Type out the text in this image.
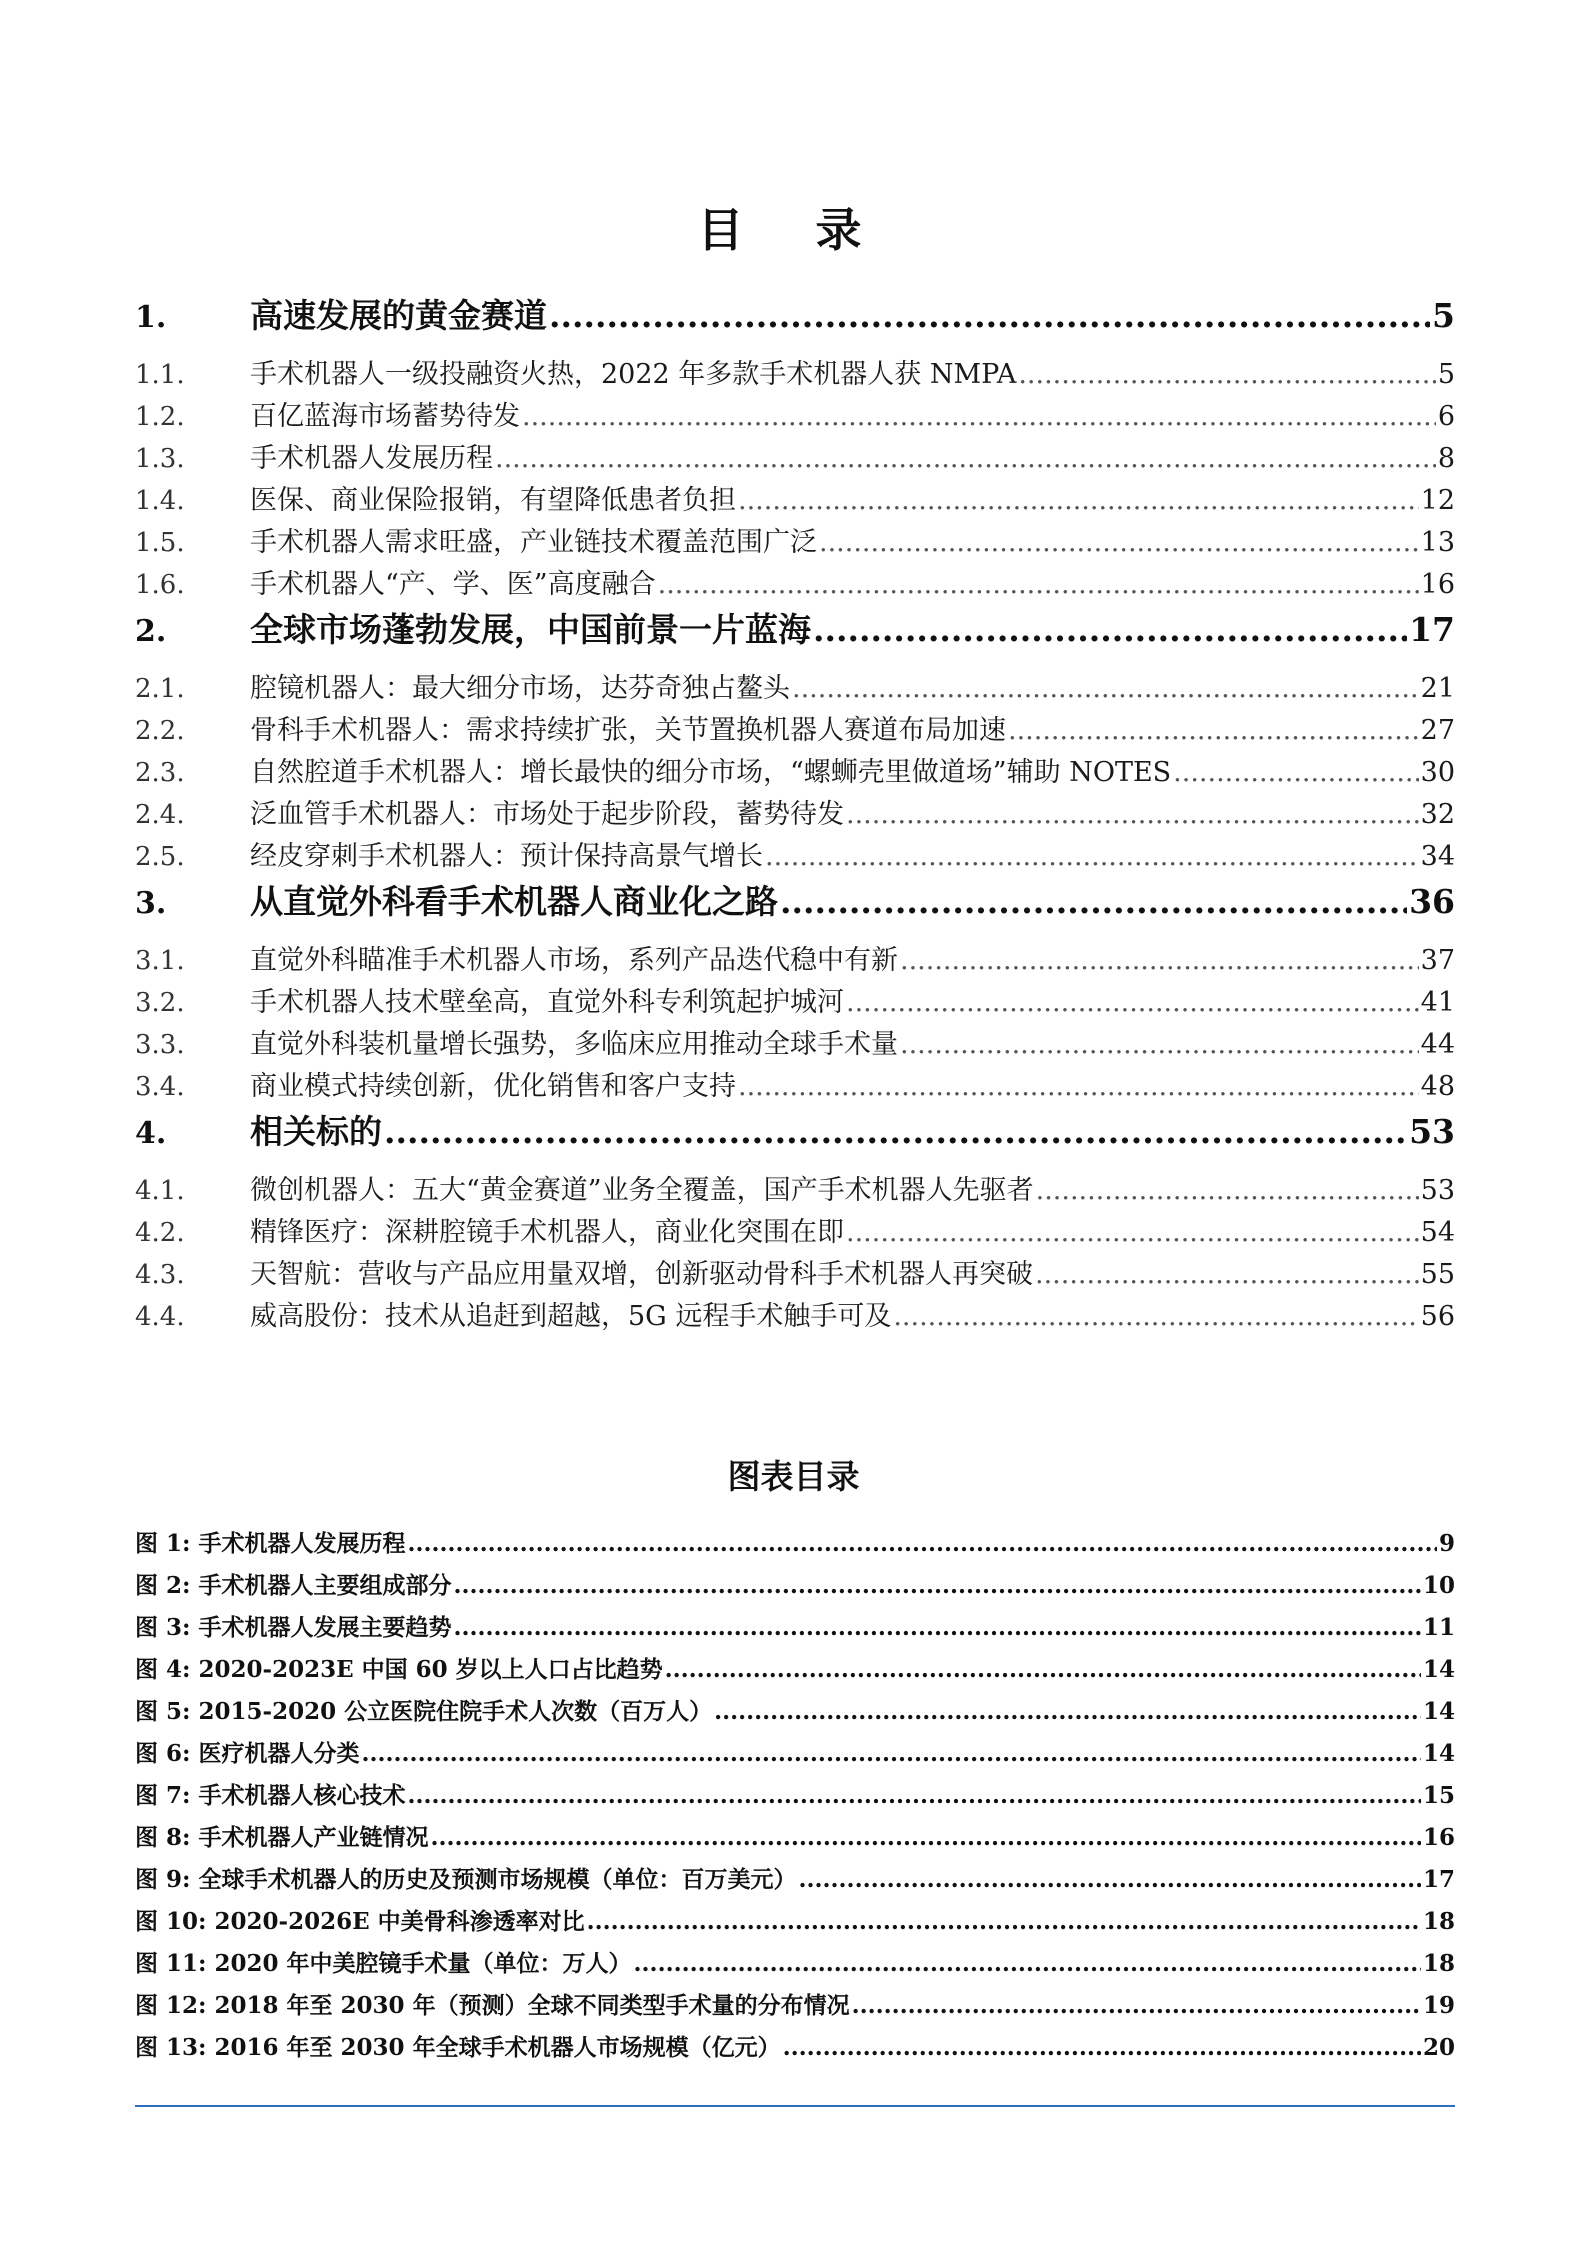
目 录
1.	高速发展的黄金赛道 .....	5
1.1.	手术机器人一级投融资火热，2022 年多款手术机器人获 NMPA .....	5
1.2.	百亿蓝海市场蓄势待发 .....	6
1.3.	手术机器人发展历程 .....	8
1.4.	医保、商业保险报销，有望降低患者负担 .....	12
1.5.	手术机器人需求旺盛，产业链技术覆盖范围广泛 .....	13
1.6.	手术机器人“产、学、医”高度融合 .....	16
2.	全球市场蓬勃发展，中国前景一片蓝海 .....	17
2.1.	腔镜机器人：最大细分市场，达芬奇独占鳌头 .....	21
2.2.	骨科手术机器人：需求持续扩张，关节置换机器人赛道布局加速 .....	27
2.3.	自然腔道手术机器人：增长最快的细分市场，“螺蛳壳里做道场”辅助 NOTES .....	30
2.4.	泛血管手术机器人：市场处于起步阶段，蓄势待发 .....	32
2.5.	经皮穿刺手术机器人：预计保持高景气增长 .....	34
3.	从直觉外科看手术机器人商业化之路 .....	36
3.1.	直觉外科瞄准手术机器人市场，系列产品迭代稳中有新 .....	37
3.2.	手术机器人技术壁垒高，直觉外科专利筑起护城河 .....	41
3.3.	直觉外科装机量增长强势，多临床应用推动全球手术量 .....	44
3.4.	商业模式持续创新，优化销售和客户支持 .....	48
4.	相关标的 .....	53
4.1.	微创机器人：五大“黄金赛道”业务全覆盖，国产手术机器人先驱者 .....	53
4.2.	精锋医疗：深耕腔镜手术机器人，商业化突围在即 .....	54
4.3.	天智航：营收与产品应用量双增，创新驱动骨科手术机器人再突破 .....	55
4.4.	威高股份：技术从追赶到超越，5G 远程手术触手可及 .....	56
图表目录
图 1: 手术机器人发展历程 .....	9
图 2: 手术机器人主要组成部分 .....	10
图 3: 手术机器人发展主要趋势 .....	11
图 4: 2020-2023E 中国 60 岁以上人口占比趋势 .....	14
图 5: 2015-2020 公立医院住院手术人次数（百万人） .....	14
图 6: 医疗机器人分类 .....	14
图 7: 手术机器人核心技术 .....	15
图 8: 手术机器人产业链情况 .....	16
图 9: 全球手术机器人的历史及预测市场规模（单位：百万美元） .....	17
图 10: 2020-2026E 中美骨科渗透率对比 .....	18
图 11: 2020 年中美腔镜手术量（单位：万人） .....	18
图 12: 2018 年至 2030 年（预测）全球不同类型手术量的分布情况 .....	19
图 13: 2016 年至 2030 年全球手术机器人市场规模（亿元） .....	20
